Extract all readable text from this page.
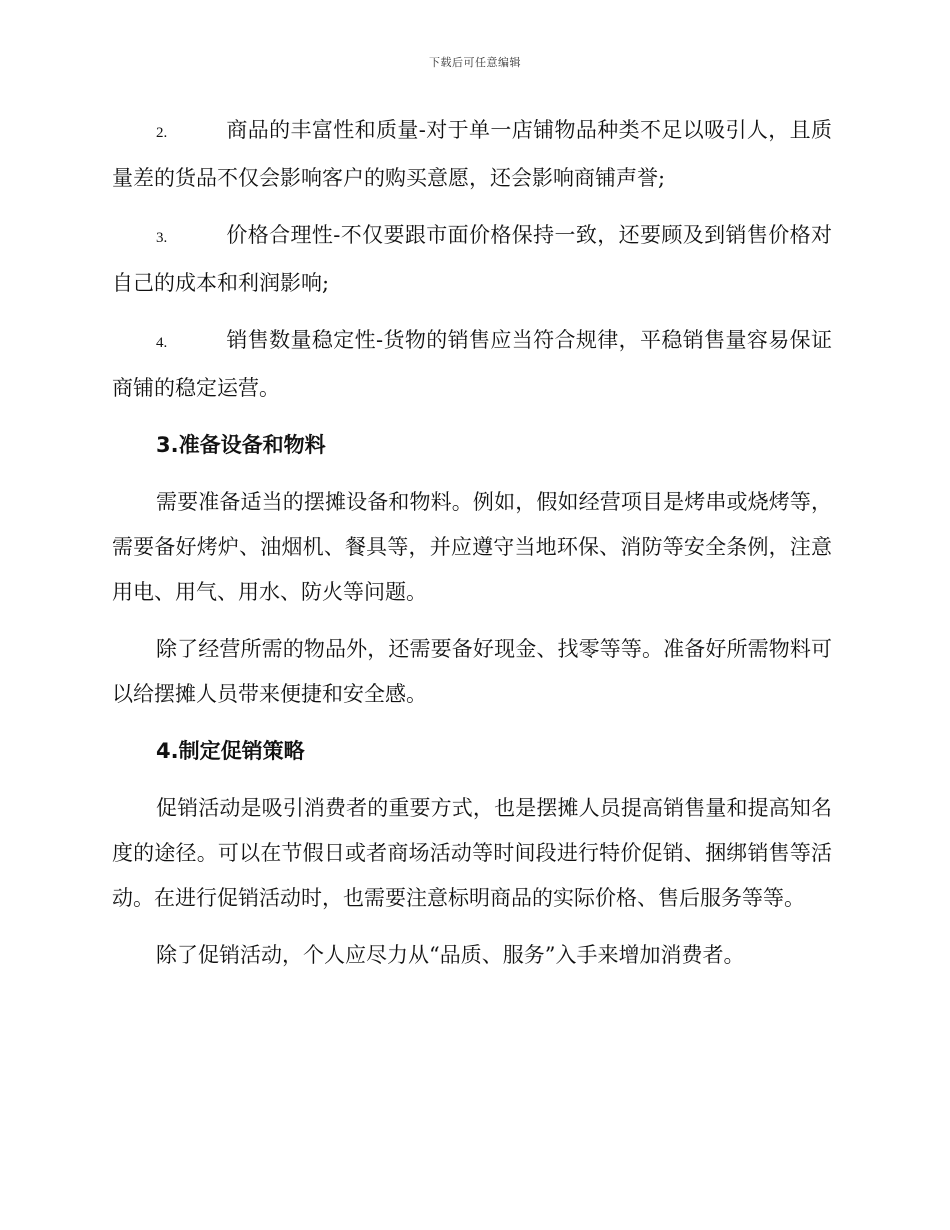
下载后可任意编辑

2.	商品的丰富性和质量-对于单一店铺物品种类不足以吸引人，且质量差的货品不仅会影响客户的购买意愿，还会影响商铺声誉;

3.	价格合理性-不仅要跟市面价格保持一致，还要顾及到销售价格对自己的成本和利润影响;

4.	销售数量稳定性-货物的销售应当符合规律，平稳销售量容易保证商铺的稳定运营。

3.准备设备和物料

需要准备适当的摆摊设备和物料。例如，假如经营项目是烤串或烧烤等，需要备好烤炉、油烟机、餐具等，并应遵守当地环保、消防等安全条例，注意用电、用气、用水、防火等问题。

除了经营所需的物品外，还需要备好现金、找零等等。准备好所需物料可以给摆摊人员带来便捷和安全感。

4.制定促销策略

促销活动是吸引消费者的重要方式，也是摆摊人员提高销售量和提高知名度的途径。可以在节假日或者商场活动等时间段进行特价促销、捆绑销售等活动。在进行促销活动时，也需要注意标明商品的实际价格、售后服务等等。

除了促销活动，个人应尽力从“品质、服务”入手来增加消费者。
